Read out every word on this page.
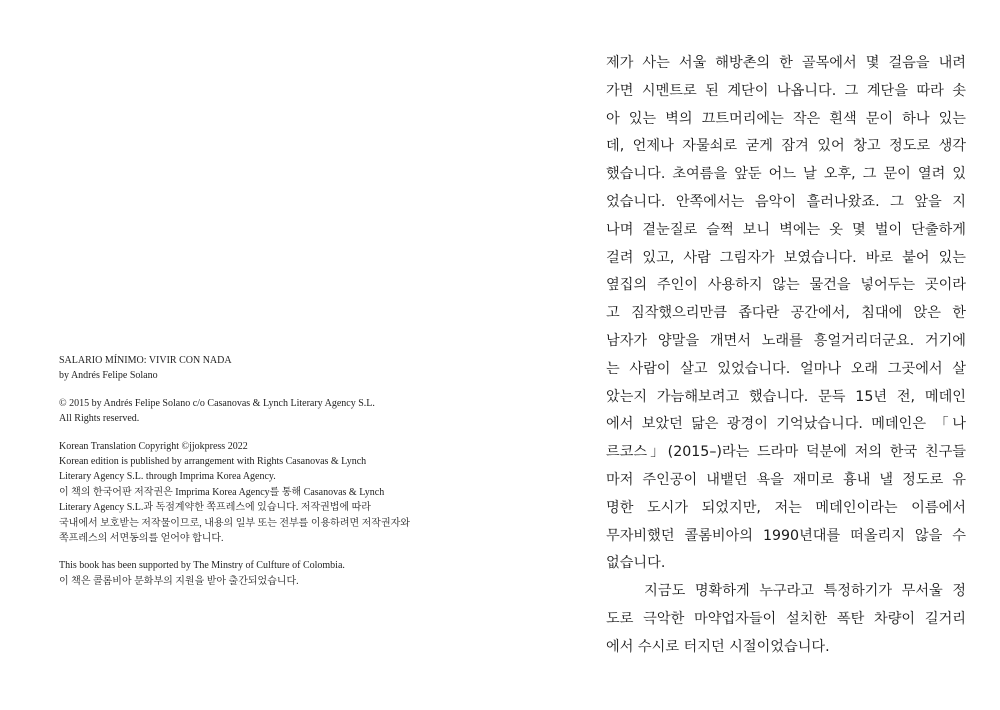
SALARIO MÍNIMO: VIVIR CON NADA
by Andrés Felipe Solano
© 2015 by Andrés Felipe Solano c/o Casanovas & Lynch Literary Agency S.L.
All Rights reserved.
Korean Translation Copyright ©jjokpress 2022
Korean edition is published by arrangement with Rights Casanovas & Lynch
Literary Agency S.L. through Imprima Korea Agency.
이 책의 한국어판 저작권은 Imprima Korea Agency를 통해 Casanovas & Lynch
Literary Agency S.L.과 독점계약한 쪽프레스에 있습니다. 저작권법에 따라
국내에서 보호받는 저작물이므로, 내용의 일부 또는 전부를 이용하려면 저작권자와
쪽프레스의 서면동의를 얻어야 합니다.
This book has been supported by The Minstry of Culfture of Colombia.
이 책은 콜롬비아 문화부의 지원을 받아 출간되었습니다.
제가 사는 서울 해방촌의 한 골목에서 몇 걸음을 내려
가면 시멘트로 된 계단이 나옵니다. 그 계단을 따라 솟
아 있는 벽의 끄트머리에는 작은 흰색 문이 하나 있는
데, 언제나 자물쇠로 굳게 잠겨 있어 창고 정도로 생각
했습니다. 초여름을 앞둔 어느 날 오후, 그 문이 열려 있
었습니다. 안쪽에서는 음악이 흘러나왔죠. 그 앞을 지
나며 곁눈질로 슬쩍 보니 벽에는 옷 몇 벌이 단출하게
걸려 있고, 사람 그림자가 보였습니다. 바로 붙어 있는
옆집의 주인이 사용하지 않는 물건을 넣어두는 곳이라
고 짐작했으리만큼 좁다란 공간에서, 침대에 앉은 한
남자가 양말을 개면서 노래를 흥얼거리더군요. 거기에
는 사람이 살고 있었습니다. 얼마나 오래 그곳에서 살
았는지 가늠해보려고 했습니다. 문득 15년 전, 메데인
에서 보았던 닮은 광경이 기억났습니다. 메데인은 「나
르코스」(2015–)라는 드라마 덕분에 저의 한국 친구들
마저 주인공이 내뱉던 욕을 재미로 흉내 낼 정도로 유
명한 도시가 되었지만, 저는 메데인이라는 이름에서
무자비했던 콜롬비아의 1990년대를 떠올리지 않을 수
없습니다.
지금도 명확하게 누구라고 특정하기가 무서울 정
도로 극악한 마약업자들이 설치한 폭탄 차량이 길거리
에서 수시로 터지던 시절이었습니다.
